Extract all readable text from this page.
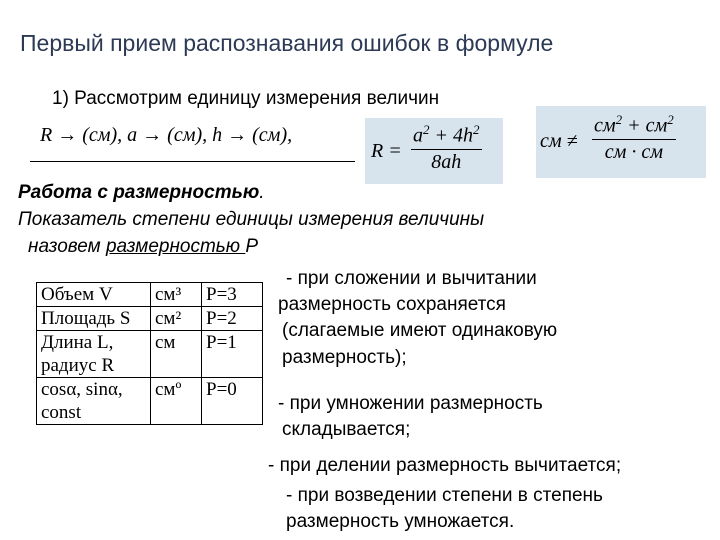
Первый прием распознавания ошибок в формуле
1) Рассмотрим единицу измерения величин
R → (см), a → (см), h → (см),
$R = \frac{a^2 + 4h^2}{8ah}$	см ≠
$см^2 + см^2$
см · см
Работа с размерностью.
Показатель степени единицы измерения величины
назовем размерностью Р
Объем V	см³	Р=3
Площадь S	см²	Р=2
Длина L, радиус R	см	Р=1
cosα, sinα, const	смº	Р=0
- при сложении и вычитании
размерность сохраняется
(слагаемые имеют одинаковую
размерность);
- при умножении размерность
складывается;
- при делении размерность вычитается;
- при возведении степени в степень
размерность умножается.
